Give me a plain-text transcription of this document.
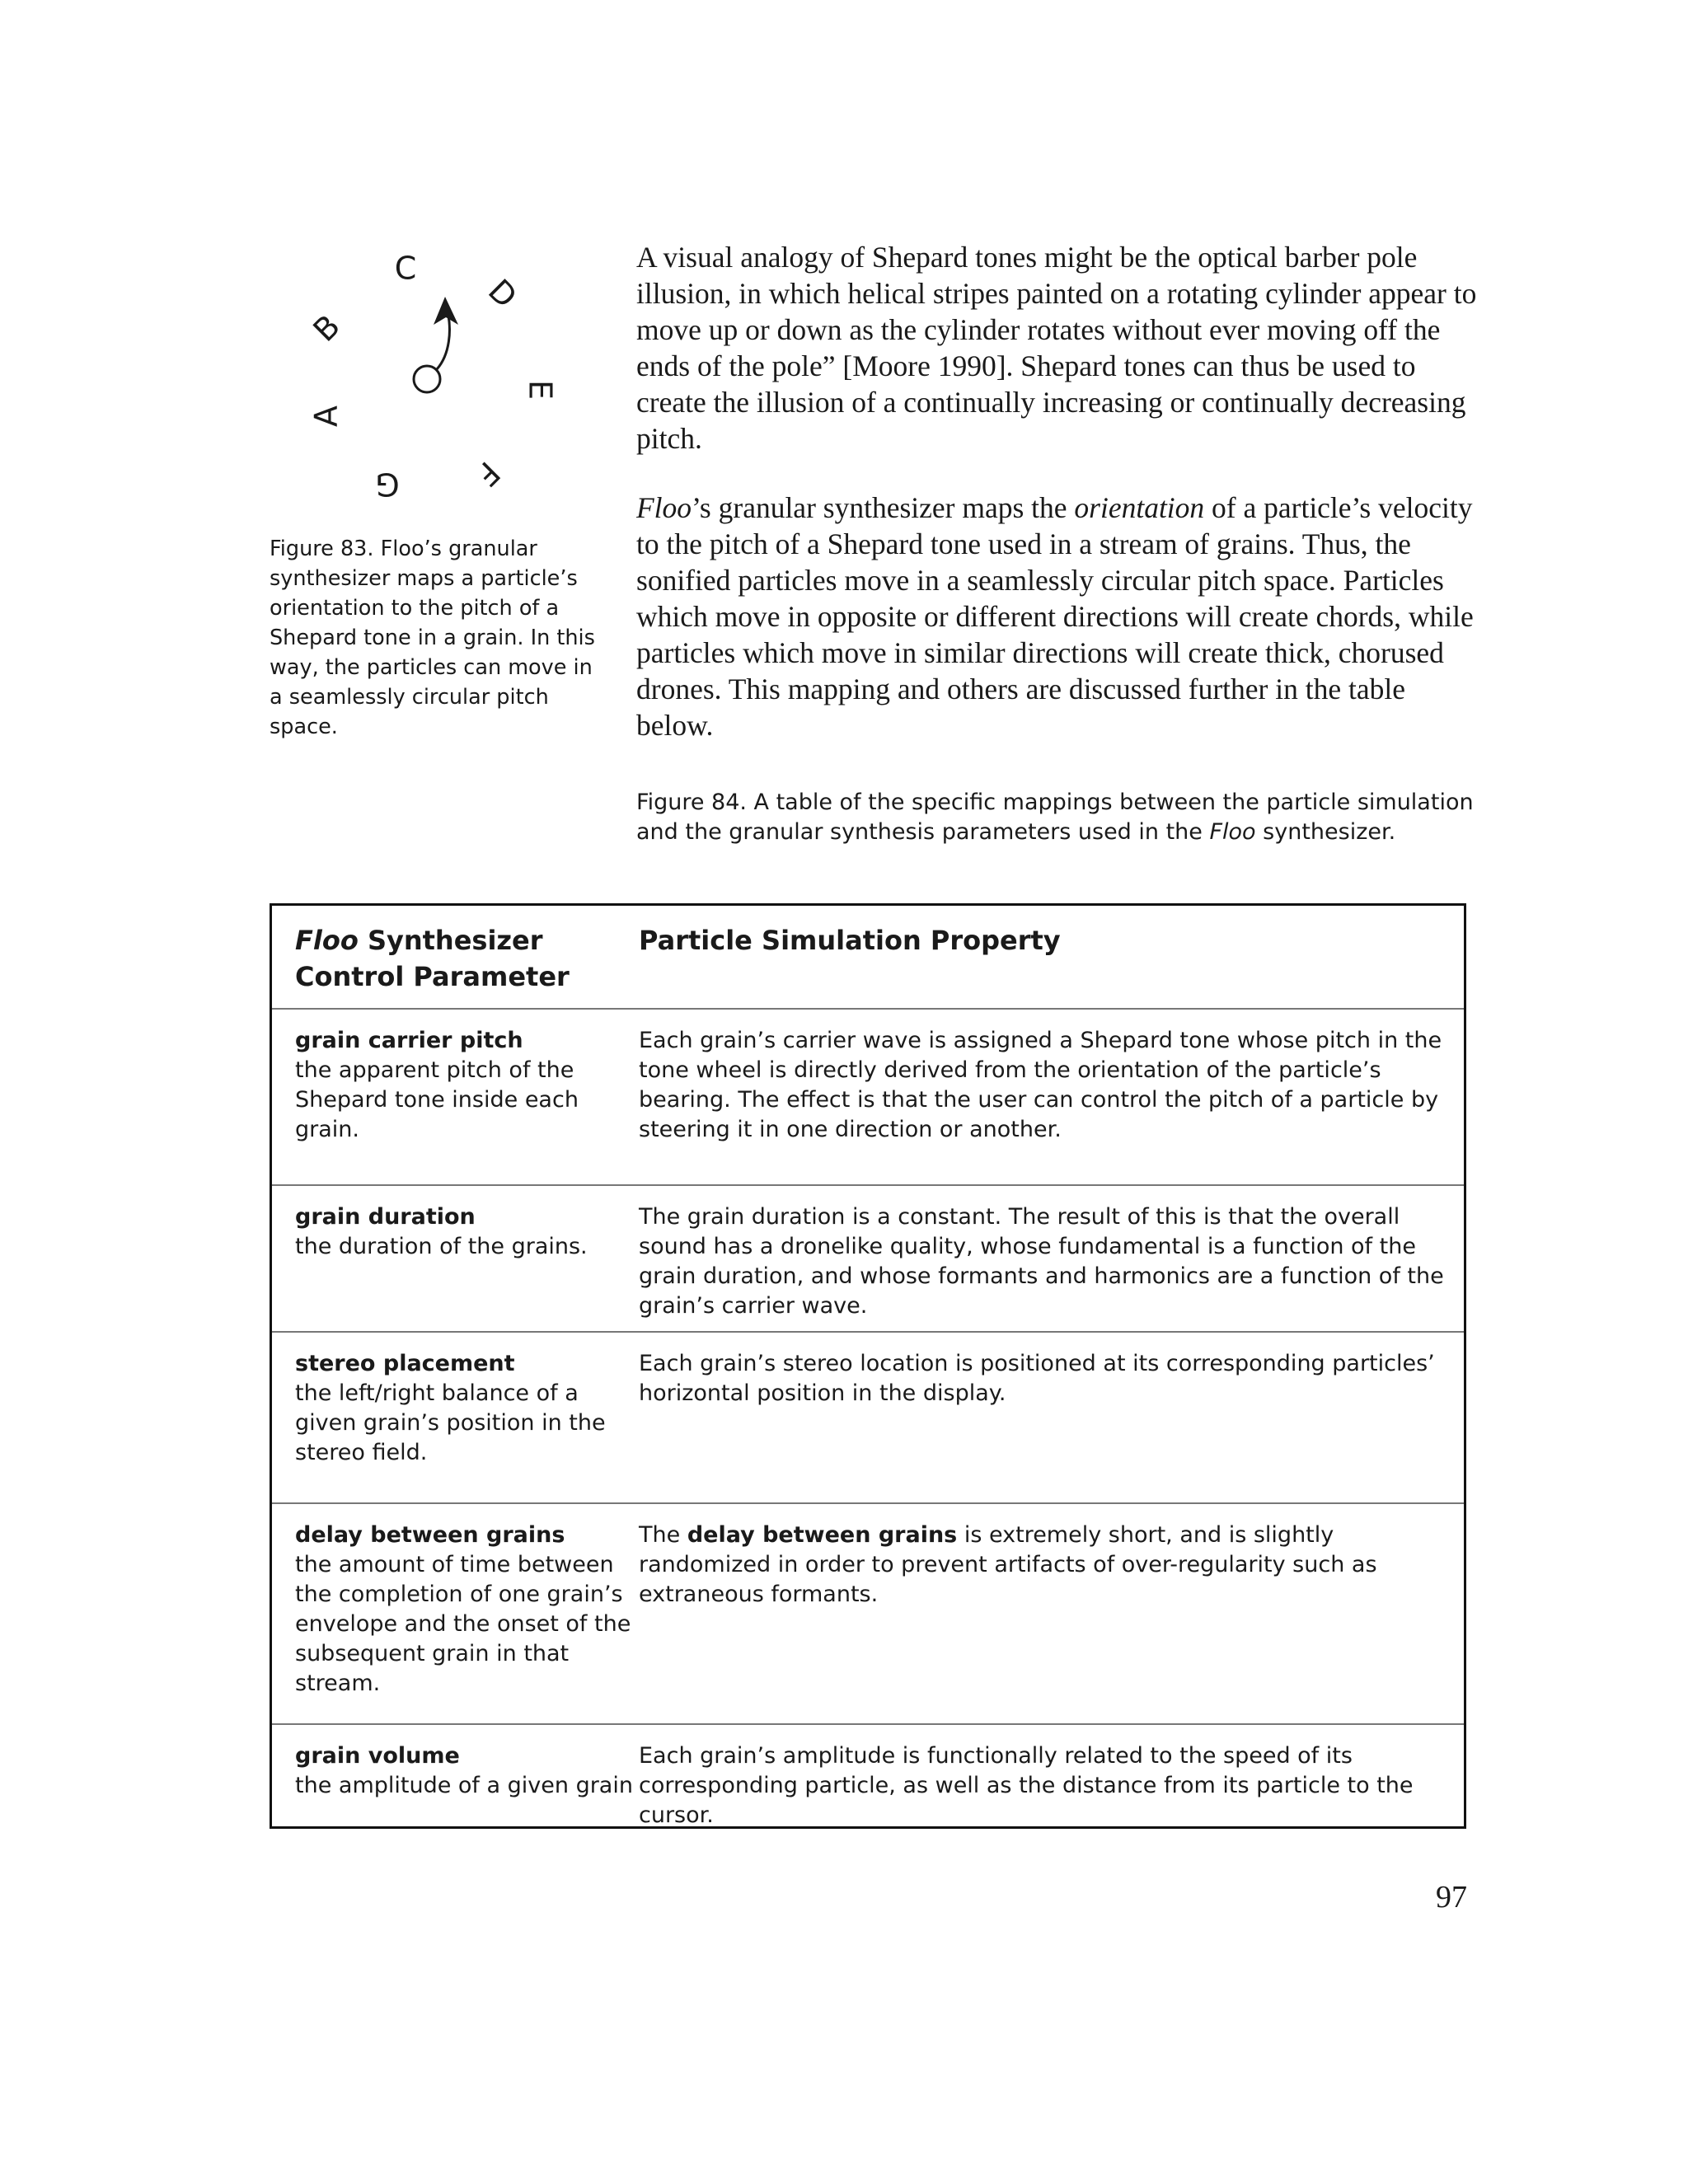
A
B
C
D
E
F
G
Figure 83. Floo’s granular synthesizer maps a particle’s orientation to the pitch of a Shepard tone in a grain. In this way, the particles can move in a seamlessly circular pitch space.

A visual analogy of Shepard tones might be the optical barber pole illusion, in which helical stripes painted on a rotating cylinder appear to move up or down as the cylinder rotates without ever moving off the ends of the pole” [Moore 1990]. Shepard tones can thus be used to create the illusion of a continually increasing or continually decreasing pitch.

Floo’s granular synthesizer maps the orientation of a particle’s velocity to the pitch of a Shepard tone used in a stream of grains. Thus, the sonified particles move in a seamlessly circular pitch space. Particles which move in opposite or different directions will create chords, while particles which move in similar directions will create thick, chorused drones. This mapping and others are discussed further in the table below.

Figure 84. A table of the specific mappings between the particle simulation and the granular synthesis parameters used in the Floo synthesizer.
Floo Synthesizer Control Parameter
Particle Simulation Property
grain carrier pitch
the apparent pitch of the Shepard tone inside each grain.
Each grain’s carrier wave is assigned a Shepard tone whose pitch in the tone wheel is directly derived from the orientation of the particle’s bearing. The effect is that the user can control the pitch of a particle by steering it in one direction or another.
grain duration
the duration of the grains.
The grain duration is a constant. The result of this is that the overall sound has a dronelike quality, whose fundamental is a function of the grain duration, and whose formants and harmonics are a function of the grain’s carrier wave.
stereo placement
the left/right balance of a given grain’s position in the stereo field.
Each grain’s stereo location is positioned at its corresponding particles’ horizontal position in the display.
delay between grains
the amount of time between the completion of one grain’s envelope and the onset of the subsequent grain in that stream.
The delay between grains is extremely short, and is slightly randomized in order to prevent artifacts of over-regularity such as extraneous formants.
grain volume
the amplitude of a given grain
Each grain’s amplitude is functionally related to the speed of its corresponding particle, as well as the distance from its particle to the cursor.
97
